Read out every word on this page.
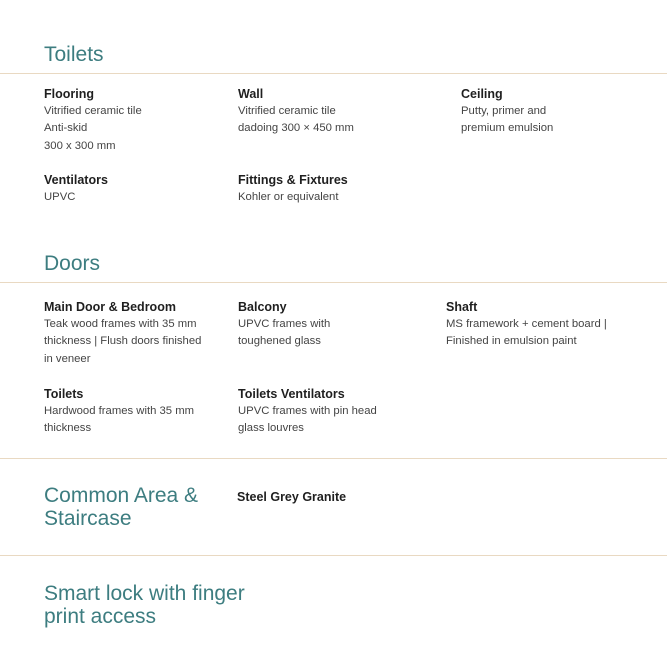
Toilets
Flooring
Vitrified ceramic tile
Anti-skid
300 x 300 mm
Wall
Vitrified ceramic tile
dadoing 300 × 450 mm
Ceiling
Putty, primer and
premium emulsion
Ventilators
UPVC
Fittings & Fixtures
Kohler or equivalent
Doors
Main Door & Bedroom
Teak wood frames with 35 mm
thickness | Flush doors finished
in veneer
Balcony
UPVC frames with
toughened glass
Shaft
MS framework + cement board |
Finished in emulsion paint
Toilets
Hardwood frames with 35 mm
thickness
Toilets Ventilators
UPVC frames with pin head
glass louvres
Common Area &
Staircase
Steel Grey Granite
Smart lock with finger
print access
